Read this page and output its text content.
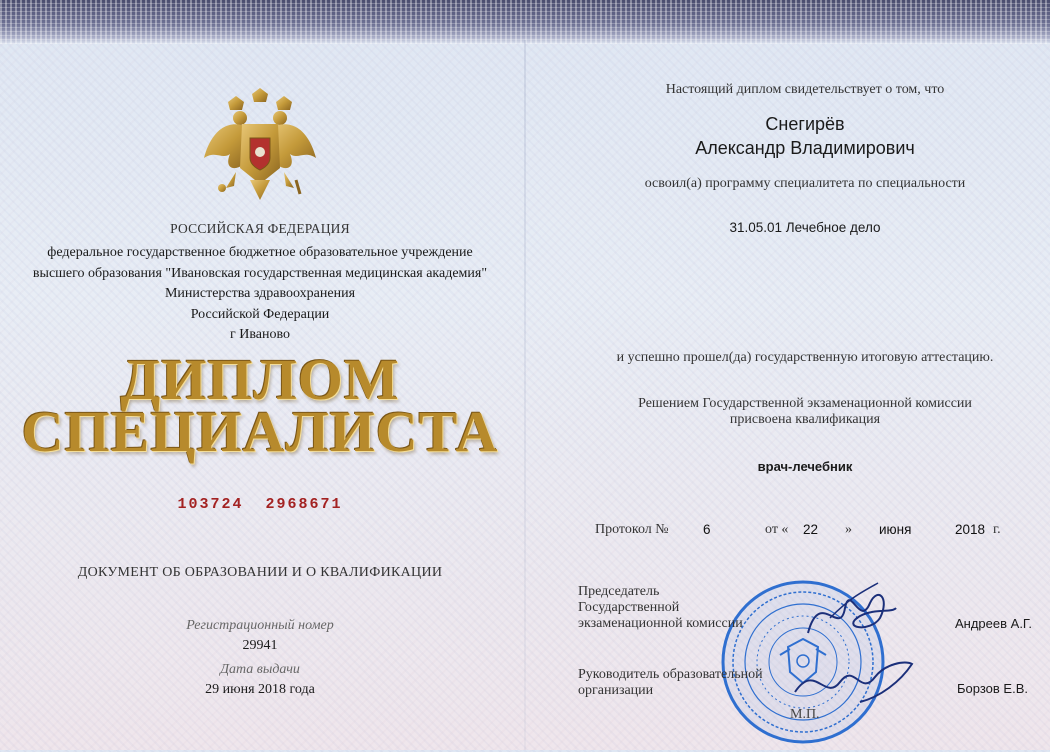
РОССИЙСКАЯ ФЕДЕРАЦИЯ
федеральное государственное бюджетное образовательное учреждение
высшего образования "Ивановская государственная медицинская академия"
Министерства здравоохранения
Российской Федерации
г Иваново
ДИПЛОМ
СПЕЦИАЛИСТА
103724  2968671
ДОКУМЕНТ ОБ ОБРАЗОВАНИИ И О КВАЛИФИКАЦИИ
Регистрационный номер
29941
Дата выдачи
29 июня 2018 года
Настоящий диплом свидетельствует о том, что
Снегирёв
Александр Владимирович
освоил(а) программу специалитета по специальности
31.05.01 Лечебное дело
и успешно прошел(да) государственную итоговую аттестацию.
Решением Государственной экзаменационной комиссии
присвоена квалификация
врач-лечебник
Протокол №	6	от « 22 » июня	2018 г.
Председатель
Государственной
экзаменационной комиссии	Андреев А.Г.
Руководитель образовательной
организации	Борзов Е.В.
М.П.
